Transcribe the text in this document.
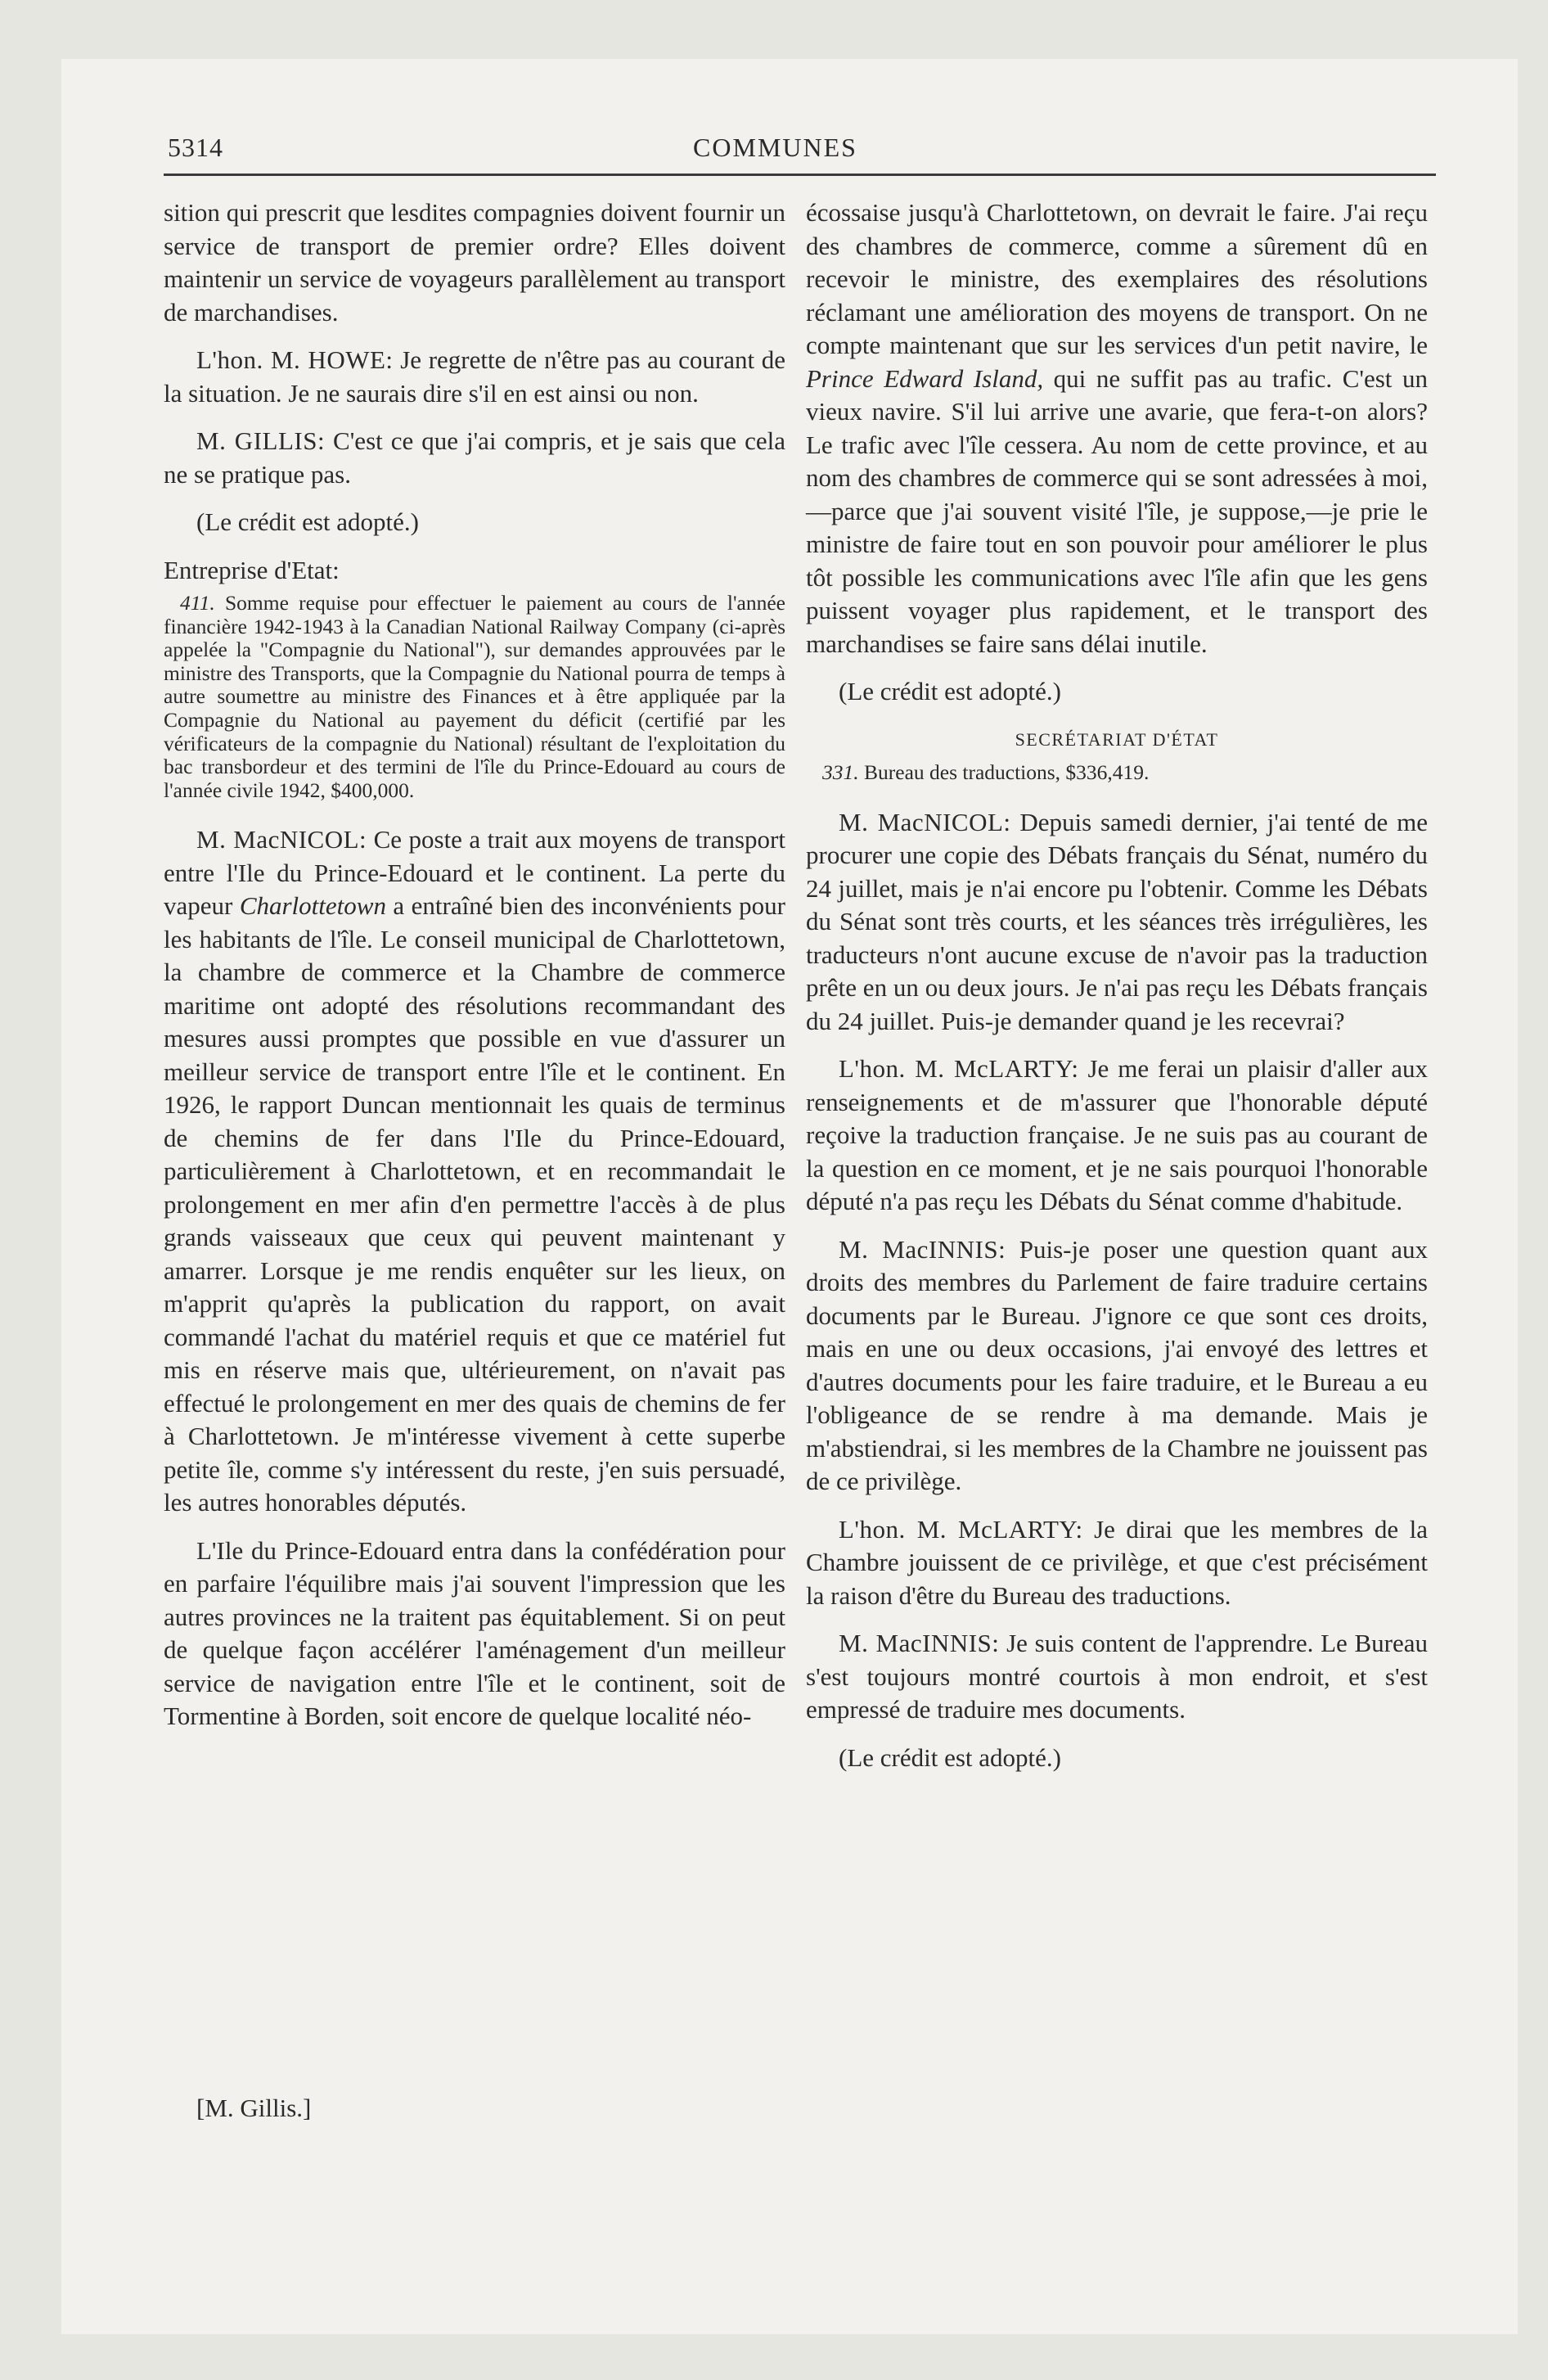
5314	COMMUNES

sition qui prescrit que lesdites compagnies doivent fournir un service de transport de premier ordre? Elles doivent maintenir un service de voyageurs parallèlement au transport de marchandises.

L'hon. M. HOWE: Je regrette de n'être pas au courant de la situation. Je ne saurais dire s'il en est ainsi ou non.

M. GILLIS: C'est ce que j'ai compris, et je sais que cela ne se pratique pas.

(Le crédit est adopté.)

Entreprise d'Etat:

411. Somme requise pour effectuer le paiement au cours de l'année financière 1942-1943 à la Canadian National Railway Company (ci-après appelée la "Compagnie du National"), sur demandes approuvées par le ministre des Transports, que la Compagnie du National pourra de temps à autre soumettre au ministre des Finances et à être appliquée par la Compagnie du National au payement du déficit (certifié par les vérificateurs de la compagnie du National) résultant de l'exploitation du bac transbordeur et des termini de l'île du Prince-Edouard au cours de l'année civile 1942, $400,000.

M. MacNICOL: Ce poste a trait aux moyens de transport entre l'Ile du Prince-Edouard et le continent. La perte du vapeur Charlottetown a entraîné bien des inconvénients pour les habitants de l'île. Le conseil municipal de Charlottetown, la chambre de commerce et la Chambre de commerce maritime ont adopté des résolutions recommandant des mesures aussi promptes que possible en vue d'assurer un meilleur service de transport entre l'île et le continent. En 1926, le rapport Duncan mentionnait les quais de terminus de chemins de fer dans l'Ile du Prince-Edouard, particulièrement à Charlottetown, et en recommandait le prolongement en mer afin d'en permettre l'accès à de plus grands vaisseaux que ceux qui peuvent maintenant y amarrer. Lorsque je me rendis enquêter sur les lieux, on m'apprit qu'après la publication du rapport, on avait commandé l'achat du matériel requis et que ce matériel fut mis en réserve mais que, ultérieurement, on n'avait pas effectué le prolongement en mer des quais de chemins de fer à Charlottetown. Je m'intéresse vivement à cette superbe petite île, comme s'y intéressent du reste, j'en suis persuadé, les autres honorables députés.

L'Ile du Prince-Edouard entra dans la confédération pour en parfaire l'équilibre mais j'ai souvent l'impression que les autres provinces ne la traitent pas équitablement. Si on peut de quelque façon accélérer l'aménagement d'un meilleur service de navigation entre l'île et le continent, soit de Tormentine à Borden, soit encore de quelque localité néo-

[M. Gillis.]

écossaise jusqu'à Charlottetown, on devrait le faire. J'ai reçu des chambres de commerce, comme a sûrement dû en recevoir le ministre, des exemplaires des résolutions réclamant une amélioration des moyens de transport. On ne compte maintenant que sur les services d'un petit navire, le Prince Edward Island, qui ne suffit pas au trafic. C'est un vieux navire. S'il lui arrive une avarie, que fera-t-on alors? Le trafic avec l'île cessera. Au nom de cette province, et au nom des chambres de commerce qui se sont adressées à moi,—parce que j'ai souvent visité l'île, je suppose,—je prie le ministre de faire tout en son pouvoir pour améliorer le plus tôt possible les communications avec l'île afin que les gens puissent voyager plus rapidement, et le transport des marchandises se faire sans délai inutile.

(Le crédit est adopté.)

SECRÉTARIAT D'ÉTAT

331. Bureau des traductions, $336,419.

M. MacNICOL: Depuis samedi dernier, j'ai tenté de me procurer une copie des Débats français du Sénat, numéro du 24 juillet, mais je n'ai encore pu l'obtenir. Comme les Débats du Sénat sont très courts, et les séances très irrégulières, les traducteurs n'ont aucune excuse de n'avoir pas la traduction prête en un ou deux jours. Je n'ai pas reçu les Débats français du 24 juillet. Puis-je demander quand je les recevrai?

L'hon. M. McLARTY: Je me ferai un plaisir d'aller aux renseignements et de m'assurer que l'honorable député reçoive la traduction française. Je ne suis pas au courant de la question en ce moment, et je ne sais pourquoi l'honorable député n'a pas reçu les Débats du Sénat comme d'habitude.

M. MacINNIS: Puis-je poser une question quant aux droits des membres du Parlement de faire traduire certains documents par le Bureau. J'ignore ce que sont ces droits, mais en une ou deux occasions, j'ai envoyé des lettres et d'autres documents pour les faire traduire, et le Bureau a eu l'obligeance de se rendre à ma demande. Mais je m'abstiendrai, si les membres de la Chambre ne jouissent pas de ce privilège.

L'hon. M. McLARTY: Je dirai que les membres de la Chambre jouissent de ce privilège, et que c'est précisément la raison d'être du Bureau des traductions.

M. MacINNIS: Je suis content de l'apprendre. Le Bureau s'est toujours montré courtois à mon endroit, et s'est empressé de traduire mes documents.

(Le crédit est adopté.)
